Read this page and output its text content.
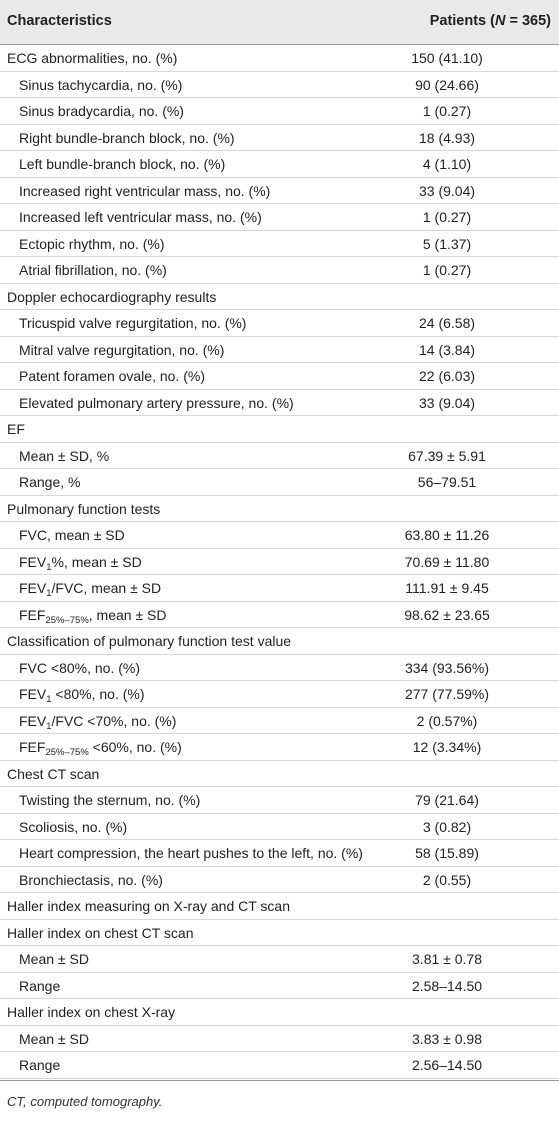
Characteristics	Patients (N = 365)
ECG abnormalities, no. (%)	150 (41.10)
Sinus tachycardia, no. (%)	90 (24.66)
Sinus bradycardia, no. (%)	1 (0.27)
Right bundle-branch block, no. (%)	18 (4.93)
Left bundle-branch block, no. (%)	4 (1.10)
Increased right ventricular mass, no. (%)	33 (9.04)
Increased left ventricular mass, no. (%)	1 (0.27)
Ectopic rhythm, no. (%)	5 (1.37)
Atrial fibrillation, no. (%)	1 (0.27)
Doppler echocardiography results
Tricuspid valve regurgitation, no. (%)	24 (6.58)
Mitral valve regurgitation, no. (%)	14 (3.84)
Patent foramen ovale, no. (%)	22 (6.03)
Elevated pulmonary artery pressure, no. (%)	33 (9.04)
EF
Mean ± SD, %	67.39 ± 5.91
Range, %	56–79.51
Pulmonary function tests
FVC, mean ± SD	63.80 ± 11.26
$FEV_1\%$, mean ± SD	70.69 ± 11.80
$FEV_1$/FVC, mean ± SD	111.91 ± 9.45
$FEF_{25\%-75\%}$, mean ± SD	98.62 ± 23.65
Classification of pulmonary function test value
FVC <80%, no. (%)	334 (93.56%)
$FEV_1 <80\%$, no. (%)	277 (77.59%)
$FEV_1$/FVC <70%, no. (%)	2 (0.57%)
$FEF_{25\%-75\%} <60\%$, no. (%)	12 (3.34%)
Chest CT scan
Twisting the sternum, no. (%)	79 (21.64)
Scoliosis, no. (%)	3 (0.82)
Heart compression, the heart pushes to the left, no. (%)	58 (15.89)
Bronchiectasis, no. (%)	2 (0.55)
Haller index measuring on X-ray and CT scan
Haller index on chest CT scan
Mean ± SD	3.81 ± 0.78
Range	2.58–14.50
Haller index on chest X-ray
Mean ± SD	3.83 ± 0.98
Range	2.56–14.50
CT, computed tomography.
